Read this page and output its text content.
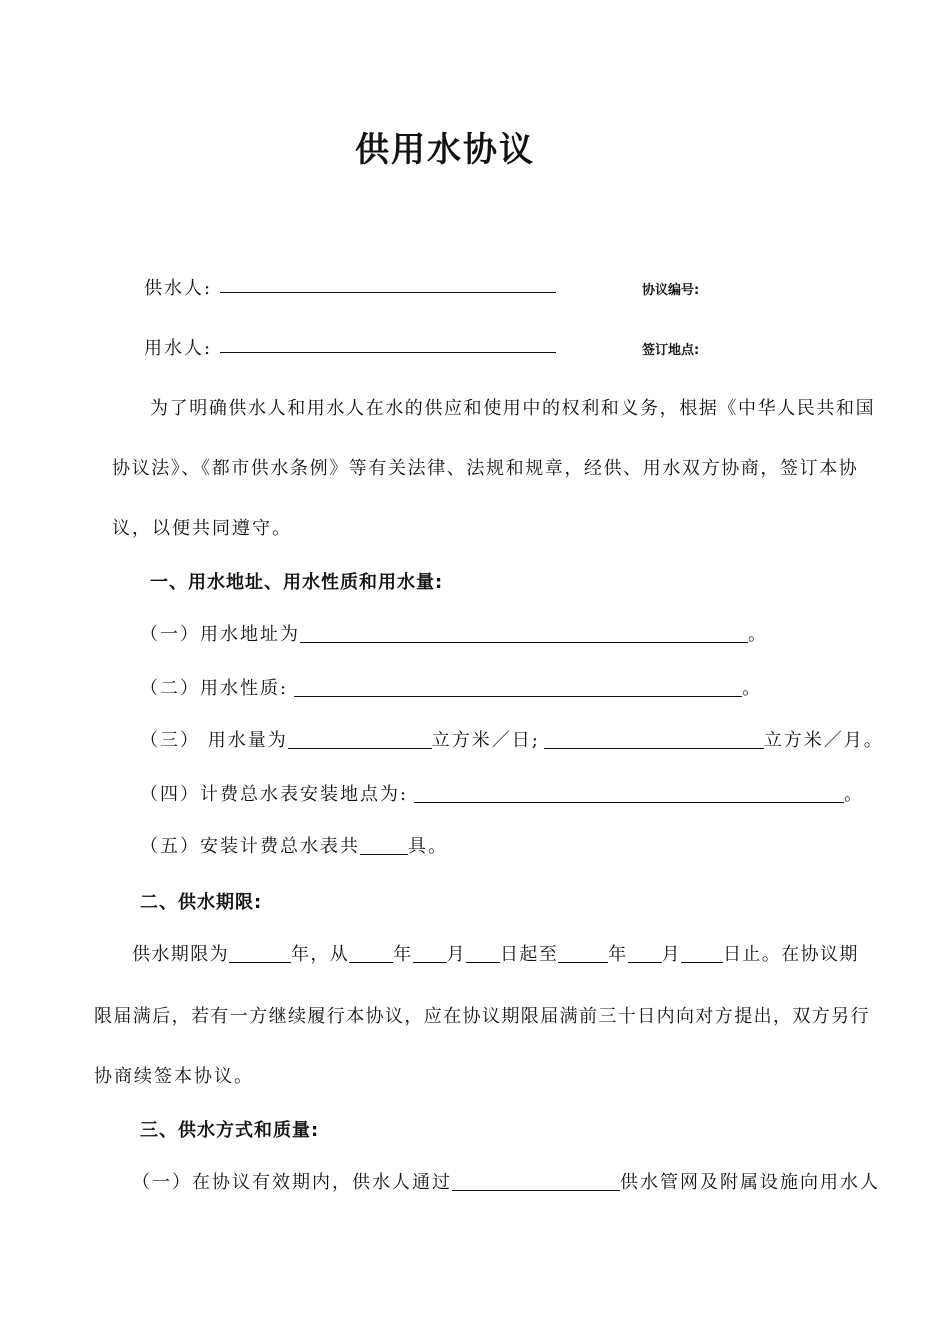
供用水协议
供水人:	协议编号:
用水人:	签订地点:
为了明确供水人和用水人在水的供应和使用中的权利和义务，根据《中华人民共和国
协议法》、《都市供水条例》等有关法律、法规和规章，经供、用水双方协商，签订本协
议，以便共同遵守。
一、用水地址、用水性质和用水量:
（一）用水地址为	。
（二）用水性质:	。
（三） 用水量为	立方米／日;	立方米／月。
（四）计费总水表安装地点为:	。
（五）安装计费总水表共	具。
二、供水期限:
供水期限为	年，从 年 月 日起至	年 月 日止。在协议期
限届满后，若有一方继续履行本协议，应在协议期限届满前三十日内向对方提出，双方另行
协商续签本协议。
三、供水方式和质量:
（一）在协议有效期内，供水人通过	供水管网及附属设施向用水人
